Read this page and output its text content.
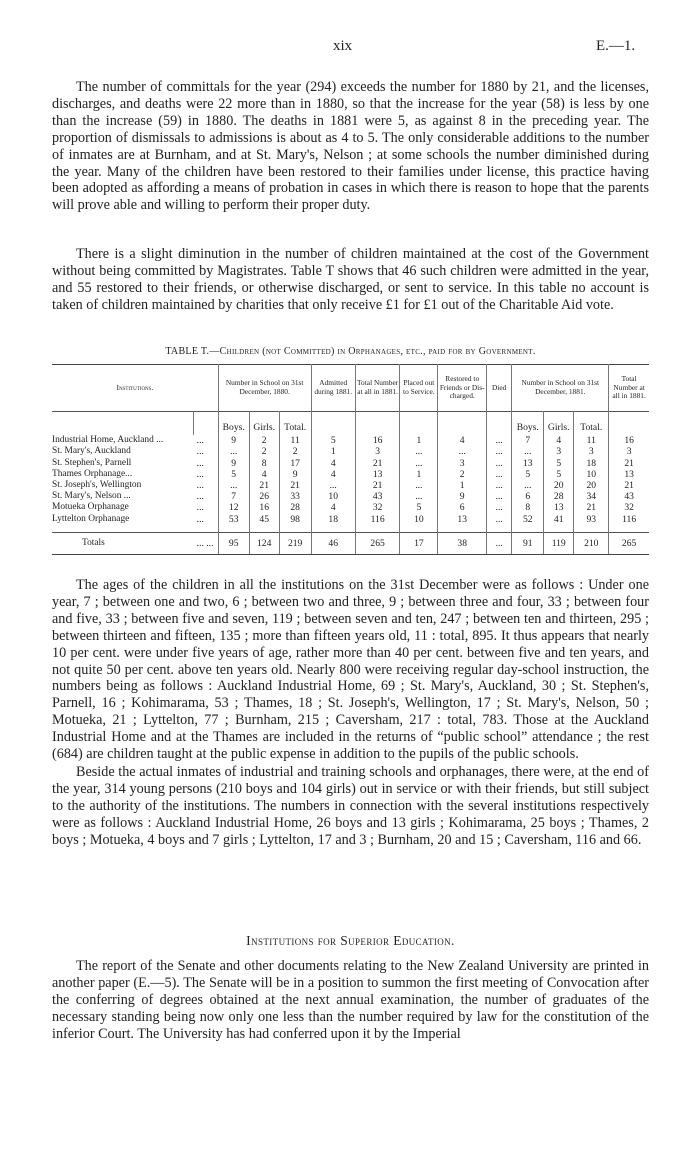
xix	E.—1.

The number of committals for the year (294) exceeds the number for 1880 by 21, and the licenses, discharges, and deaths were 22 more than in 1880, so that the increase for the year (58) is less by one than the increase (59) in 1880. The deaths in 1881 were 5, as against 8 in the preceding year. The proportion of dismissals to admissions is about as 4 to 5. The only considerable additions to the number of inmates are at Burnham, and at St. Mary's, Nelson ; at some schools the number diminished during the year. Many of the children have been restored to their families under license, this practice having been adopted as affording a means of probation in cases in which there is reason to hope that the parents will prove able and willing to perform their proper duty.

There is a slight diminution in the number of children maintained at the cost of the Government without being committed by Magistrates. Table T shows that 46 such children were admitted in the year, and 55 restored to their friends, or otherwise discharged, or sent to service. In this table no account is taken of children maintained by charities that only receive £1 for £1 out of the Charitable Aid vote.

TABLE T.—Children (not Committed) in Orphanages, etc., paid for by Government.
Institutions.		Number in School on 31st December, 1880.			Admitted during 1881.	Total Number at all in 1881.	Placed out to Service.	Restored to Friends or Dis-charged.	Died	Number in School on 31st December, 1881.			Total Number at all in 1881.
		Boys.	Girls.	Total.						Boys.	Girls.	Total.	
Industrial Home, Auckland ...	...	9	2	11	5	16	1	4	...	7	4	11	16
St. Mary's, Auckland	...	...	2	2	1	3	...	...	...	...	3	3	3
St. Stephen's, Parnell	...	9	8	17	4	21	...	3	...	13	5	18	21
Thames Orphanage...	...	5	4	9	4	13	1	2	...	5	5	10	13
St. Joseph's, Wellington	...	...	21	21	...	21	...	1	...	...	20	20	21
St. Mary's, Nelson ...	...	7	26	33	10	43	...	9	...	6	28	34	43
Motueka Orphanage	...	12	16	28	4	32	5	6	...	8	13	21	32
Lyttelton Orphanage	...	53	45	98	18	116	10	13	...	52	41	93	116
Totals	... ...	95	124	219	46	265	17	38	...	91	119	210	265

The ages of the children in all the institutions on the 31st December were as follows : Under one year, 7 ; between one and two, 6 ; between two and three, 9 ; between three and four, 33 ; between four and five, 33 ; between five and seven, 119 ; between seven and ten, 247 ; between ten and thirteen, 295 ; between thirteen and fifteen, 135 ; more than fifteen years old, 11 : total, 895. It thus appears that nearly 10 per cent. were under five years of age, rather more than 40 per cent. between five and ten years, and not quite 50 per cent. above ten years old. Nearly 800 were receiving regular day-school instruction, the numbers being as follows : Auckland Industrial Home, 69 ; St. Mary's, Auckland, 30 ; St. Stephen's, Parnell, 16 ; Kohimarama, 53 ; Thames, 18 ; St. Joseph's, Wellington, 17 ; St. Mary's, Nelson, 50 ; Motueka, 21 ; Lyttelton, 77 ; Burnham, 215 ; Caversham, 217 : total, 783. Those at the Auckland Industrial Home and at the Thames are included in the returns of “public school” attendance ; the rest (684) are children taught at the public expense in addition to the pupils of the public schools.

Beside the actual inmates of industrial and training schools and orphanages, there were, at the end of the year, 314 young persons (210 boys and 104 girls) out in service or with their friends, but still subject to the authority of the institutions. The numbers in connection with the several institutions respectively were as follows : Auckland Industrial Home, 26 boys and 13 girls ; Kohimarama, 25 boys ; Thames, 2 boys ; Motueka, 4 boys and 7 girls ; Lyttelton, 17 and 3 ; Burnham, 20 and 15 ; Caversham, 116 and 66.

Institutions for Superior Education.

The report of the Senate and other documents relating to the New Zealand University are printed in another paper (E.—5). The Senate will be in a position to summon the first meeting of Convocation after the conferring of degrees obtained at the next annual examination, the number of graduates of the necessary standing being now only one less than the number required by law for the constitution of the inferior Court. The University has had conferred upon it by the Imperial
